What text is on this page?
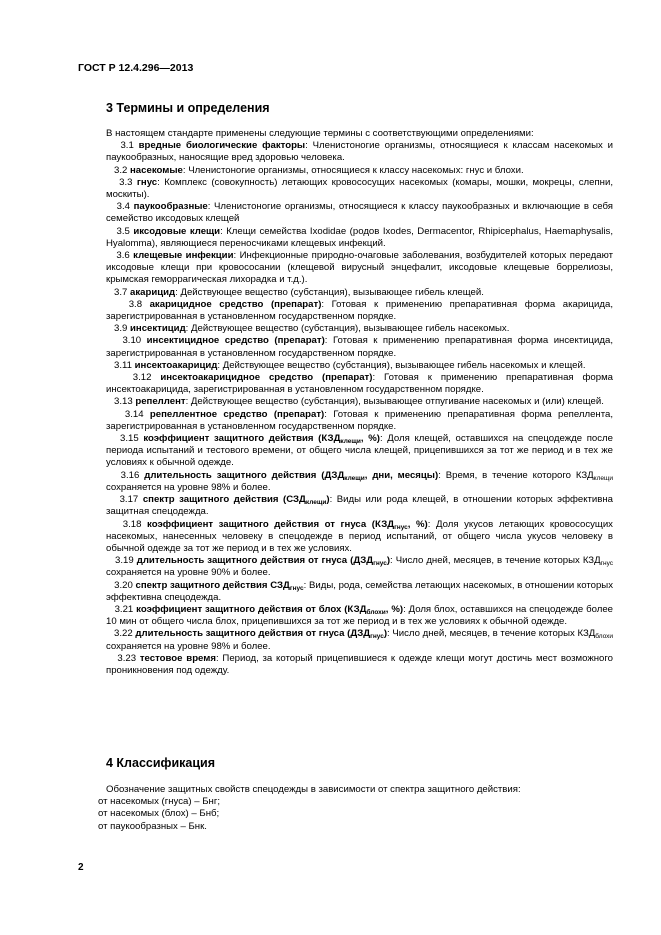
ГОСТ Р 12.4.296—2013
3 Термины и определения

В настоящем стандарте применены следующие термины с соответствующими определениями:

3.1 вредные биологические факторы: Членистоногие организмы, относящиеся к классам насекомых и паукообразных, наносящие вред здоровью человека.

3.2 насекомые: Членистоногие организмы, относящиеся к классу насекомых: гнус и блохи.

3.3 гнус: Комплекс (совокупность) летающих кровососущих насекомых (комары, мошки, мокрецы, слепни, москиты).

3.4 паукообразные: Членистоногие организмы, относящиеся к классу паукообразных и включающие в себя семейство иксодовых клещей

3.5 иксодовые клещи: Клещи семейства Ixodidae (родов Ixodes, Dermacentor, Rhipicephalus, Haemaphysalis, Hyalomma), являющиеся переносчиками клещевых инфекций.

3.6 клещевые инфекции: Инфекционные природно-очаговые заболевания, возбудителей которых передают иксодовые клещи при кровососании (клещевой вирусный энцефалит, иксодовые клещевые боррелиозы, крымская геморрагическая лихорадка и т.д.).

3.7 акарицид: Действующее вещество (субстанция), вызывающее гибель клещей.

3.8 акарицидное средство (препарат): Готовая к применению препаративная форма акарицида, зарегистрированная в установленном государственном порядке.

3.9 инсектицид: Действующее вещество (субстанция), вызывающее гибель насекомых.

3.10 инсектицидное средство (препарат): Готовая к применению препаративная форма инсектицида, зарегистрированная в установленном государственном порядке.

3.11 инсектоакарицид: Действующее вещество (субстанция), вызывающее гибель насекомых и клещей.

3.12 инсектоакарицидное средство (препарат): Готовая к применению препаративная форма инсектоакарицида, зарегистрированная в установленном государственном порядке.

3.13 репеллент: Действующее вещество (субстанция), вызывающее отпугивание насекомых и (или) клещей.

3.14 репеллентное средство (препарат): Готовая к применению препаративная форма репеллента, зарегистрированная в установленном государственном порядке.

3.15 коэффициент защитного действия ($КЗД_{клещи}$, %): Доля клещей, оставшихся на спецодежде после периода испытаний и тестового времени, от общего числа клещей, прицепившихся за тот же период и в тех же условиях к обычной одежде.

3.16 длительность защитного действия ($ДЗД_{клещи}$, дни, месяцы): Время, в течение которого $КЗД_{клещи}$ сохраняется на уровне 98% и более.

3.17 спектр защитного действия $(СЗД_{клещи})$: Виды или рода клещей, в отношении которых эффективна защитная спецодежда.

3.18 коэффициент защитного действия от гнуса ($КЗД_{гнус}$, %): Доля укусов летающих кровососущих насекомых, нанесенных человеку в спецодежде в период испытаний, от общего числа укусов человеку в обычной одежде за тот же период и в тех же условиях.

3.19 длительность защитного действия от гнуса $(ДЗД_{гнус})$: Число дней, месяцев, в течение которых $КЗД_{гнус}$ сохраняется на уровне 90% и более.

3.20 спектр защитного действия $СЗД_{гнус}$: Виды, рода, семейства летающих насекомых, в отношении которых эффективна спецодежда.

3.21 коэффициент защитного действия от блох ($КЗД_{блохи}$, %): Доля блох, оставшихся на спецодежде более 10 мин от общего числа блох, прицепившихся за тот же период и в тех же условиях к обычной одежде.

3.22 длительность защитного действия от гнуса $(ДЗД_{гнус})$: Число дней, месяцев, в течение которых $КЗД_{блохи}$ сохраняется на уровне 98% и более.

3.23 тестовое время: Период, за который прицепившиеся к одежде клещи могут достичь мест возможного проникновения под одежду.

4 Классификация

Обозначение защитных свойств спецодежды в зависимости от спектра защитного действия:

от насекомых (гнуса) – Бнг;

от насекомых (блох) – Бнб;

от паукообразных – Бнк.

2
